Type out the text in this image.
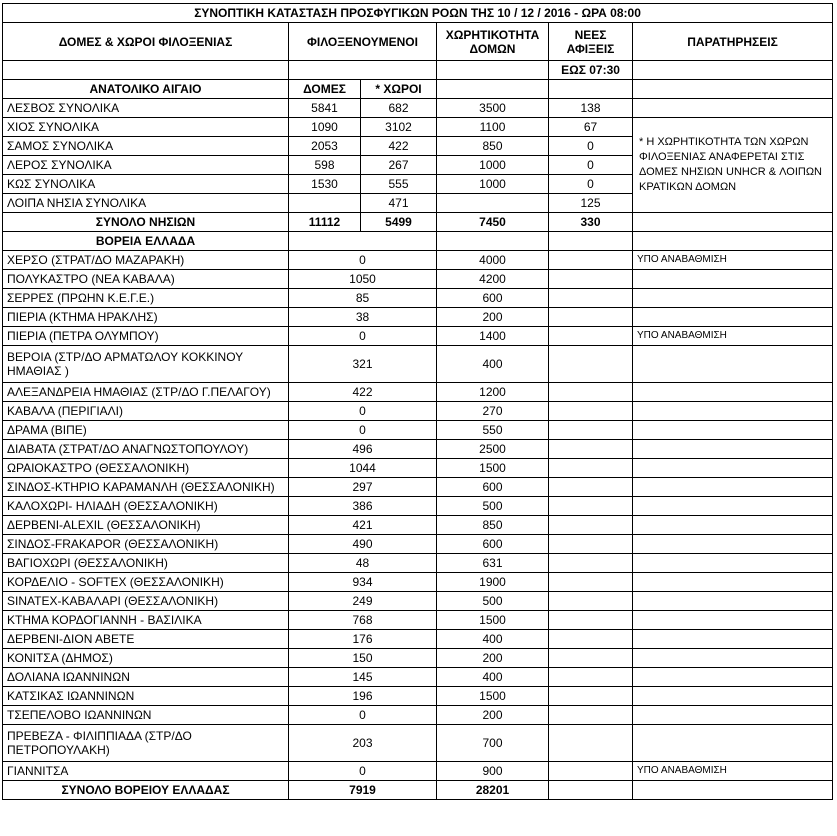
ΣΥΝΟΠΤΙΚΗ ΚΑΤΑΣΤΑΣΗ ΠΡΟΣΦΥΓΙΚΩΝ ΡΟΩΝ ΤΗΣ 10 / 12 / 2016 - ΩΡΑ 08:00					
ΔΟΜΕΣ & ΧΩΡΟΙ ΦΙΛΟΞΕΝΙΑΣ	ΦΙΛΟΞΕΝΟΥΜΕΝΟΙ		ΧΩΡΗΤΙΚΟΤΗΤΑ ΔΟΜΩΝ	ΝΕΕΣ ΑΦΙΞΕΙΣ	ΠΑΡΑΤΗΡΗΣΕΙΣ
				ΕΩΣ 07:30	
ΑΝΑΤΟΛΙΚΟ ΑΙΓΑΙΟ	ΔΟΜΕΣ	* ΧΩΡΟΙ			
ΛΕΣΒΟΣ ΣΥΝΟΛΙΚΑ	5841	682	3500	138	
ΧΙΟΣ ΣΥΝΟΛΙΚΑ	1090	3102	1100	67	* Η ΧΩΡΗΤΙΚΟΤΗΤΑ ΤΩΝ ΧΩΡΩΝ ΦΙΛΟΞΕΝΙΑΣ ΑΝΑΦΕΡΕΤΑΙ ΣΤΙΣ ΔΟΜΕΣ ΝΗΣΙΩΝ UNHCR & ΛΟΙΠΩΝ ΚΡΑΤΙΚΩΝ ΔΟΜΩΝ
ΣΑΜΟΣ ΣΥΝΟΛΙΚΑ	2053	422	850	0	
ΛΕΡΟΣ ΣΥΝΟΛΙΚΑ	598	267	1000	0	
ΚΩΣ ΣΥΝΟΛΙΚΑ	1530	555	1000	0	
ΛΟΙΠΑ ΝΗΣΙΑ ΣΥΝΟΛΙΚΑ		471		125	
ΣΥΝΟΛΟ ΝΗΣΙΩΝ	11112	5499	7450	330	
ΒΟΡΕΙΑ ΕΛΛΑΔΑ					
ΧΕΡΣΟ (ΣΤΡΑΤ/ΔΟ ΜΑΖΑΡΑΚΗ)	0		4000		ΥΠΟ ΑΝΑΒΑΘΜΙΣΗ
ΠΟΛΥΚΑΣΤΡΟ (ΝΕΑ ΚΑΒΑΛΑ)	1050		4200		
ΣΕΡΡΕΣ (ΠΡΩΗΝ Κ.Ε.Γ.Ε.)	85		600		
ΠΙΕΡΙΑ (ΚΤΗΜΑ ΗΡΑΚΛΗΣ)	38		200		
ΠΙΕΡΙΑ (ΠΕΤΡΑ ΟΛΥΜΠΟΥ)	0		1400		ΥΠΟ ΑΝΑΒΑΘΜΙΣΗ
ΒΕΡΟΙΑ (ΣΤΡ/ΔΟ ΑΡΜΑΤΩΛΟΥ ΚΟΚΚΙΝΟΥ ΗΜΑΘΙΑΣ )	321		400		
ΑΛΕΞΑΝΔΡΕΙΑ ΗΜΑΘΙΑΣ (ΣΤΡ/ΔΟ Γ.ΠΕΛΑΓΟΥ)	422		1200		
ΚΑΒΑΛΑ (ΠΕΡΙΓΙΑΛΙ)	0		270		
ΔΡΑΜΑ (ΒΙΠΕ)	0		550		
ΔΙΑΒΑΤΑ (ΣΤΡΑΤ/ΔΟ ΑΝΑΓΝΩΣΤΟΠΟΥΛΟΥ)	496		2500		
ΩΡΑΙΟΚΑΣΤΡΟ (ΘΕΣΣΑΛΟΝΙΚΗ)	1044		1500		
ΣΙΝΔΟΣ-ΚΤΗΡΙΟ ΚΑΡΑΜΑΝΛΗ (ΘΕΣΣΑΛΟΝΙΚΗ)	297		600		
ΚΑΛΟΧΩΡΙ- ΗΛΙΑΔΗ (ΘΕΣΣΑΛΟΝΙΚΗ)	386		500		
ΔΕΡΒΕΝΙ-ALEXIL (ΘΕΣΣΑΛΟΝΙΚΗ)	421		850		
ΣΙΝΔΟΣ-FRAKAPOR (ΘΕΣΣΑΛΟΝΙΚΗ)	490		600		
ΒΑΓΙΟΧΩΡΙ (ΘΕΣΣΑΛΟΝΙΚΗ)	48		631		
ΚΟΡΔΕΛΙΟ - SOFTEX (ΘΕΣΣΑΛΟΝΙΚΗ)	934		1900		
SINATEX-ΚΑΒΑΛΑΡΙ (ΘΕΣΣΑΛΟΝΙΚΗ)	249		500		
ΚΤΗΜΑ ΚΟΡΔΟΓΙΑΝΝΗ - ΒΑΣΙΛΙΚΑ	768		1500		
ΔΕΡΒΕΝΙ-ΔΙΟΝ ΑΒΕΤΕ	176		400		
ΚΟΝΙΤΣΑ (ΔΗΜΟΣ)	150		200		
ΔΟΛΙΑΝΑ ΙΩΑΝΝΙΝΩΝ	145		400		
ΚΑΤΣΙΚΑΣ ΙΩΑΝΝΙΝΩΝ	196		1500		
ΤΣΕΠΕΛΟΒΟ ΙΩΑΝΝΙΝΩΝ	0		200		
ΠΡΕΒΕΖΑ - ΦΙΛΙΠΠΙΑΔΑ (ΣΤΡ/ΔΟ ΠΕΤΡΟΠΟΥΛΑΚΗ)	203		700		
ΓΙΑΝΝΙΤΣΑ	0		900		ΥΠΟ ΑΝΑΒΑΘΜΙΣΗ
ΣΥΝΟΛΟ ΒΟΡΕΙΟΥ ΕΛΛΑΔΑΣ	7919		28201		
